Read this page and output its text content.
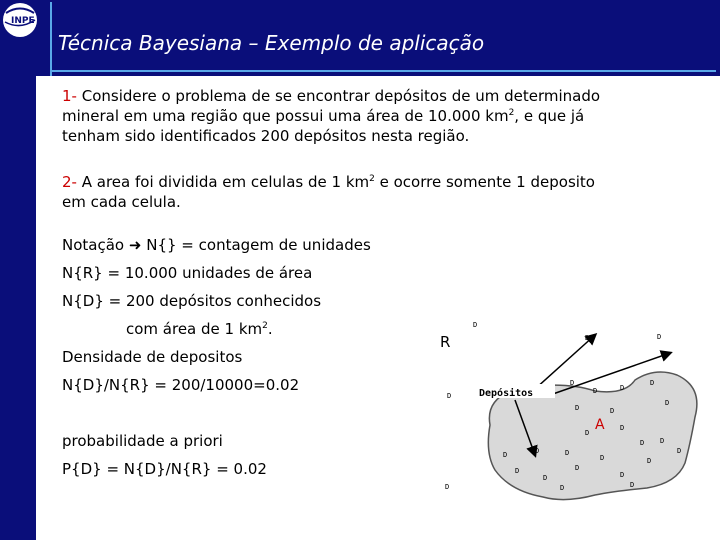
INPE
Técnica Bayesiana – Exemplo de aplicação
1- Considere o problema de se encontrar depósitos de um determinado
mineral em uma região que possui uma área de 10.000 $km^2$, e que já
tenham sido identificados 200 depósitos nesta região.
2- A area foi dividida em celulas de 1 $km^2$ e ocorre somente 1 deposito
em cada celula.
Notação ➜ N{} = contagem de unidades
N{R} = 10.000 unidades de área
N{D} = 200 depósitos conhecidos
com área de 1 $km^2$.
Densidade de depositos
N{D}/N{R} = 200/10000=0.02
probabilidade a priori
P{D} = N{D}/N{R} = 0.02
R
Depósitos
A
D
D	D
D
D
D
D	D
D
D	D
D
D
D
D D
D
D	D	D
D	D
D
D
D
D
D
D
